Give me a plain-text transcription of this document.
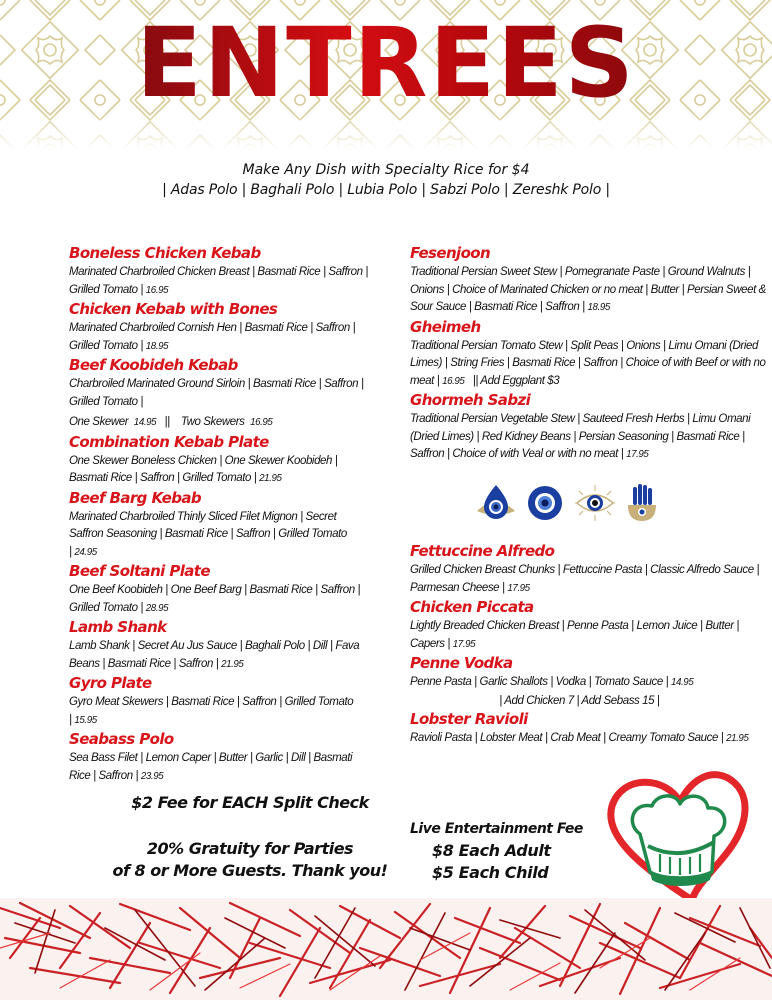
ENTREES
Make Any Dish with Specialty Rice for $4
| Adas Polo | Baghali Polo | Lubia Polo | Sabzi Polo | Zereshk Polo |
Boneless Chicken Kebab
Marinated Charbroiled Chicken Breast | Basmati Rice | Saffron | Grilled Tomato | 16.95
Chicken Kebab with Bones
Marinated Charbroiled Cornish Hen | Basmati Rice | Saffron | Grilled Tomato | 18.95
Beef Koobideh Kebab
Charbroiled Marinated Ground Sirloin | Basmati Rice | Saffron | Grilled Tomato |
One Skewer 14.95 || Two Skewers 16.95
Combination Kebab Plate
One Skewer Boneless Chicken | One Skewer Koobideh | Basmati Rice | Saffron | Grilled Tomato | 21.95
Beef Barg Kebab
Marinated Charbroiled Thinly Sliced Filet Mignon | Secret Saffron Seasoning | Basmati Rice | Saffron | Grilled Tomato | 24.95
Beef Soltani Plate
One Beef Koobideh | One Beef Barg | Basmati Rice | Saffron | Grilled Tomato | 28.95
Lamb Shank
Lamb Shank | Secret Au Jus Sauce | Baghali Polo | Dill | Fava Beans | Basmati Rice | Saffron | 21.95
Gyro Plate
Gyro Meat Skewers | Basmati Rice | Saffron | Grilled Tomato | 15.95
Seabass Polo
Sea Bass Filet | Lemon Caper | Butter | Garlic | Dill | Basmati Rice | Saffron | 23.95
Fesenjoon
Traditional Persian Sweet Stew | Pomegranate Paste | Ground Walnuts | Onions | Choice of Marinated Chicken or no meat | Butter | Persian Sweet & Sour Sauce | Basmati Rice | Saffron | 18.95
Gheimeh
Traditional Persian Tomato Stew | Split Peas | Onions | Limu Omani (Dried Limes) | String Fries | Basmati Rice | Saffron | Choice of with Beef or with no meat | 16.95 || Add Eggplant $3
Ghormeh Sabzi
Traditional Persian Vegetable Stew | Sauteed Fresh Herbs | Limu Omani (Dried Limes) | Red Kidney Beans | Persian Seasoning | Basmati Rice | Saffron | Choice of with Veal or with no meat | 17.95
Fettuccine Alfredo
Grilled Chicken Breast Chunks | Fettuccine Pasta | Classic Alfredo Sauce | Parmesan Cheese | 17.95
Chicken Piccata
Lightly Breaded Chicken Breast | Penne Pasta | Lemon Juice | Butter | Capers | 17.95
Penne Vodka
Penne Pasta | Garlic Shallots | Vodka | Tomato Sauce | 14.95
| Add Chicken 7 | Add Sebass 15 |
Lobster Ravioli
Ravioli Pasta | Lobster Meat | Crab Meat | Creamy Tomato Sauce | 21.95
$2 Fee for EACH Split Check
20% Gratuity for Parties
of 8 or More Guests. Thank you!
Live Entertainment Fee
$8 Each Adult
$5 Each Child
